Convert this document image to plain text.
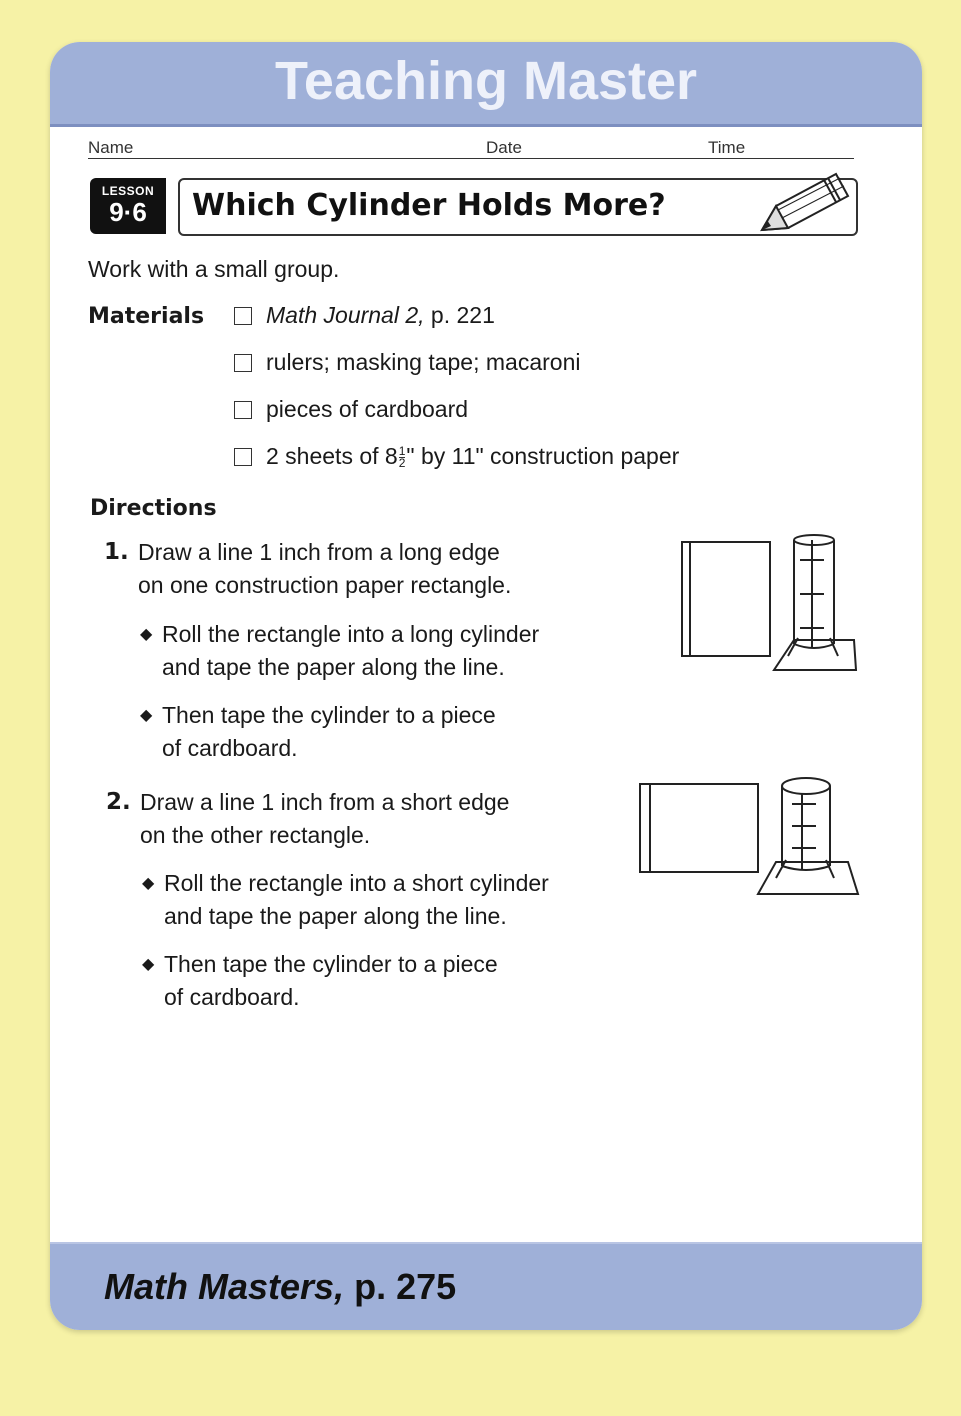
Teaching Master
Name	Date	Time
LESSON
9·6	Which Cylinder Holds More?
Work with a small group.
Materials	Math Journal 2, p. 221
rulers; masking tape; macaroni
pieces of cardboard
2 sheets of $8 \frac{1}{2}$ " by 11" construction paper
Directions
1. Draw a line 1 inch from a long edge
on one construction paper rectangle.
◆ Roll the rectangle into a long cylinder
and tape the paper along the line.
◆ Then tape the cylinder to a piece
of cardboard.
2. Draw a line 1 inch from a short edge
on the other rectangle.
◆ Roll the rectangle into a short cylinder
and tape the paper along the line.
◆ Then tape the cylinder to a piece
of cardboard.
Math Masters, p. 275
